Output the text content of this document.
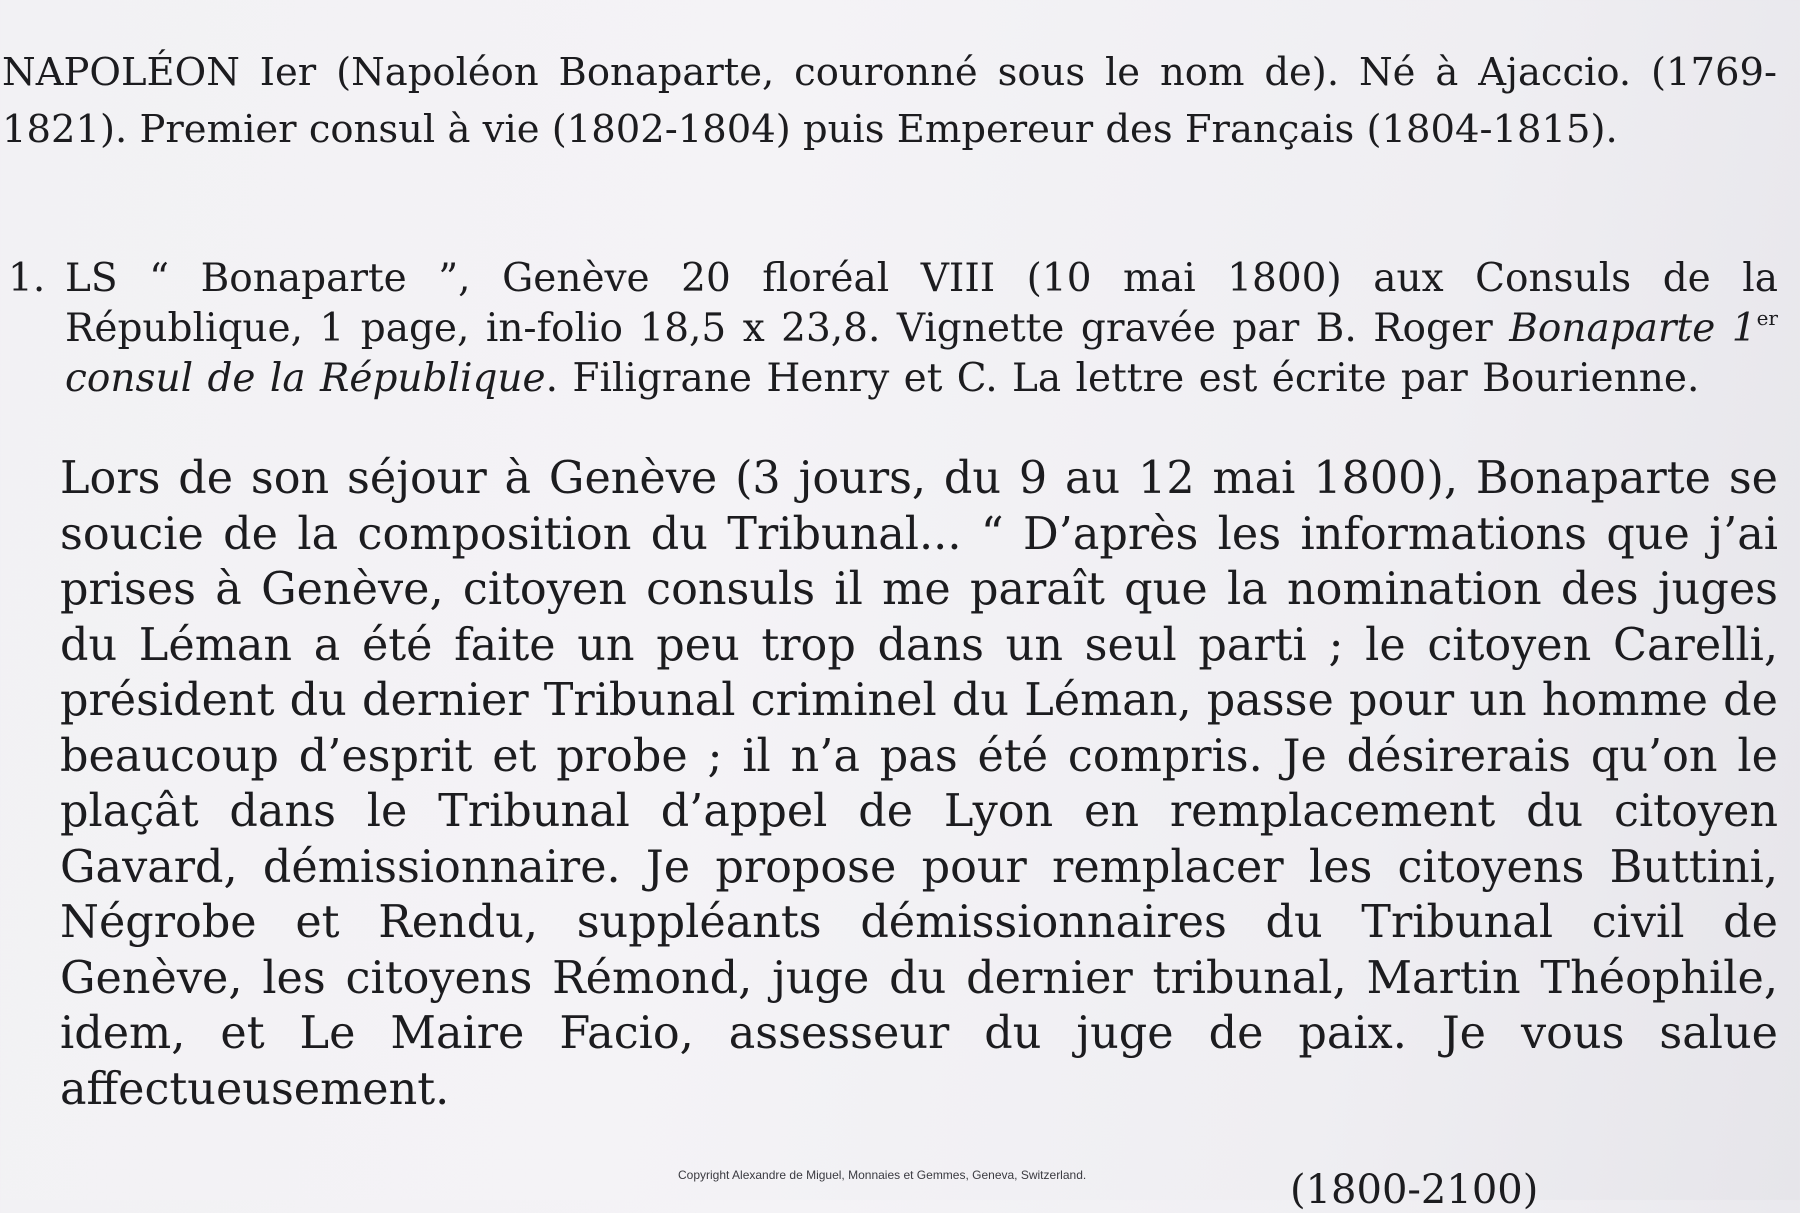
NAPOLÉON Ier (Napoléon Bonaparte, couronné sous le nom de). Né à Ajaccio. (1769-1821). Premier consul à vie (1802-1804) puis Empereur des Français (1804-1815).

1. LS “ Bonaparte ”, Genève 20 floréal VIII (10 mai 1800) aux Consuls de la République, 1 page, in-folio 18,5 x 23,8. Vignette gravée par B. Roger Bonaparte 1er consul de la République. Filigrane Henry et C. La lettre est écrite par Bourienne.

Lors de son séjour à Genève (3 jours, du 9 au 12 mai 1800), Bonaparte se soucie de la composition du Tribunal... “ D’après les informations que j’ai prises à Genève, citoyen consuls il me paraît que la nomination des juges du Léman a été faite un peu trop dans un seul parti ; le citoyen Carelli, président du dernier Tribunal criminel du Léman, passe pour un homme de beaucoup d’esprit et probe ; il n’a pas été compris. Je désirerais qu’on le plaçât dans le Tribunal d’appel de Lyon en remplacement du citoyen Gavard, démissionnaire. Je propose pour remplacer les citoyens Buttini, Négrobe et Rendu, suppléants démissionnaires du Tribunal civil de Genève, les citoyens Rémond, juge du dernier tribunal, Martin Théophile, idem, et Le Maire Facio, assesseur du juge de paix. Je vous salue affectueusement.

Copyright Alexandre de Miguel, Monnaies et Gemmes, Geneva, Switzerland.	(1800-2100)
